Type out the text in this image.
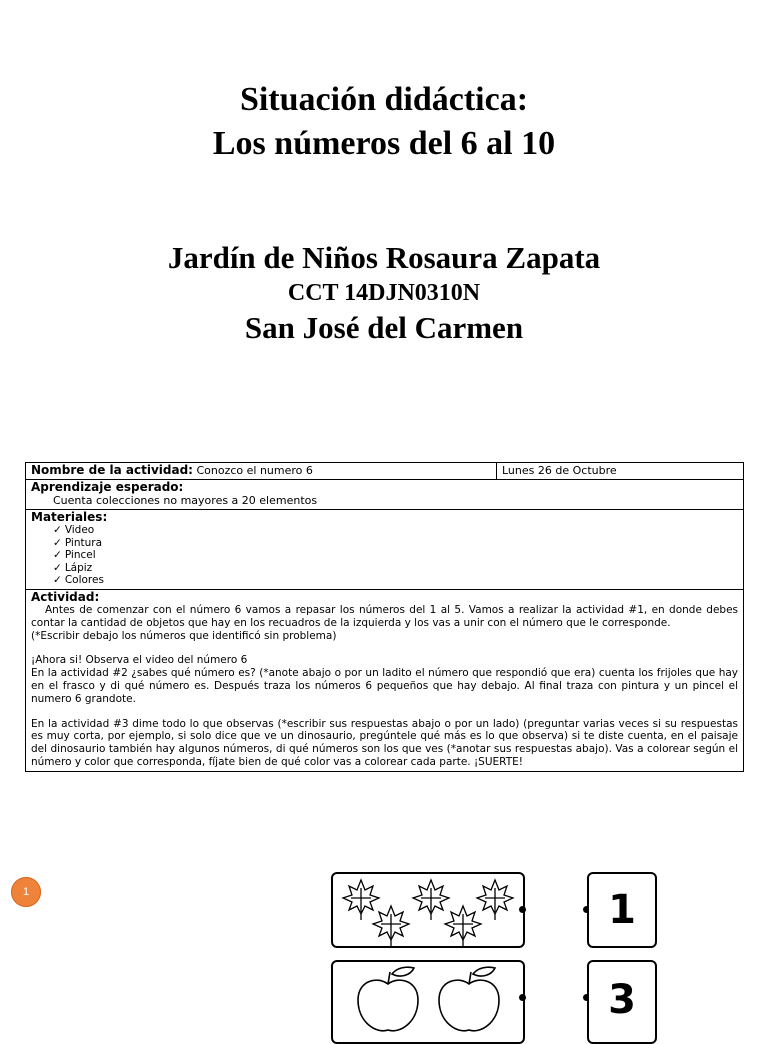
Situación didáctica:
Los números del 6 al 10
Jardín de Niños Rosaura Zapata
CCT 14DJN0310N
San José del Carmen
Nombre de la actividad: Conozco el numero 6	Lunes 26 de Octubre

Aprendizaje esperado:
Cuenta colecciones no mayores a 20 elementos

Materiales:
✓ Video
✓ Pintura
✓ Pincel
✓ Lápiz
✓ Colores

Actividad:
Antes de comenzar con el número 6 vamos a repasar los números del 1 al 5. Vamos a realizar la actividad #1, en donde debes contar la cantidad de objetos que hay en los recuadros de la izquierda y los vas a unir con el número que le corresponde.
(*Escribir debajo los números que identificó sin problema)
¡Ahora si! Observa el video del número 6
En la actividad #2 ¿sabes qué número es? (*anote abajo o por un ladito el número que respondió que era) cuenta los frijoles que hay en el frasco y di qué número es. Después traza los números 6 pequeños que hay debajo. Al final traza con pintura y un pincel el numero 6 grandote.
En la actividad #3 dime todo lo que observas (*escribir sus respuestas abajo o por un lado) (preguntar varias veces si su respuestas es muy corta, por ejemplo, si solo dice que ve un dinosaurio, pregúntele qué más es lo que observa) si te diste cuenta, en el paisaje del dinosaurio también hay algunos números, di qué números son los que ves (*anotar sus respuestas abajo). Vas a colorear según el número y color que corresponda, fíjate bien de qué color vas a colorear cada parte. ¡SUERTE!
1	1
3
